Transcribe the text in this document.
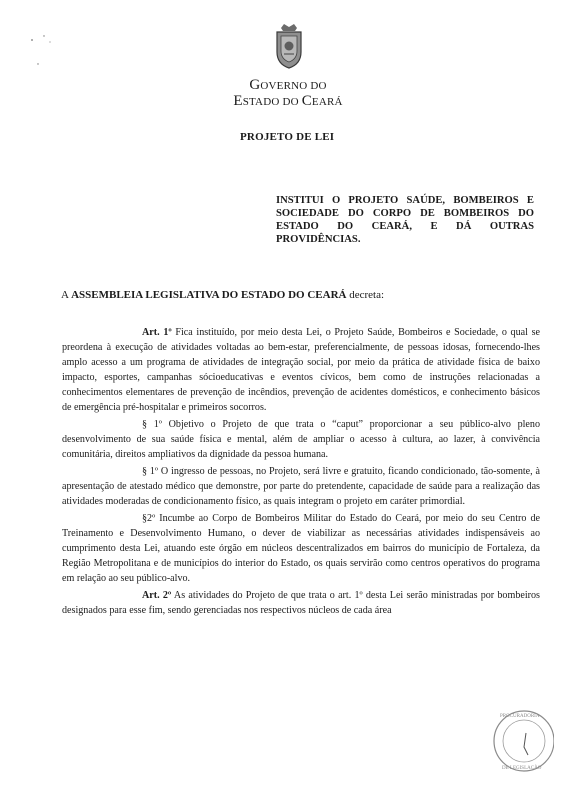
GOVERNO DO
ESTADO DO CEARÁ
PROJETO DE LEI
INSTITUI O PROJETO SAÚDE, BOMBEIROS E SOCIEDADE DO CORPO DE BOMBEIROS DO ESTADO DO CEARÁ, E DÁ OUTRAS PROVIDÊNCIAS.
A ASSEMBLEIA LEGISLATIVA DO ESTADO DO CEARÁ decreta:

Art. 1º Fica instituído, por meio desta Lei, o Projeto Saúde, Bombeiros e Sociedade, o qual se preordena à execução de atividades voltadas ao bem-estar, preferencialmente, de pessoas idosas, fornecendo-lhes amplo acesso a um programa de atividades de integração social, por meio da prática de atividade física de baixo impacto, esportes, campanhas sócioeducativas e eventos cívicos, bem como de instruções relacionadas a conhecimentos elementares de prevenção de incêndios, prevenção de acidentes domésticos, e conhecimento básicos de emergência pré-hospitalar e primeiros socorros.

§ 1º Objetivo o Projeto de que trata o “caput” proporcionar a seu público-alvo pleno desenvolvimento de sua saúde física e mental, além de ampliar o acesso à cultura, ao lazer, à convivência comunitária, direitos ampliativos da dignidade da pessoa humana.

§ 1º O ingresso de pessoas, no Projeto, será livre e gratuito, ficando condicionado, tão-somente, à apresentação de atestado médico que demonstre, por parte do pretendente, capacidade de saúde para a realização das atividades moderadas de condicionamento físico, as quais integram o projeto em caráter primordial.

§2º Incumbe ao Corpo de Bombeiros Militar do Estado do Ceará, por meio do seu Centro de Treinamento e Desenvolvimento Humano, o dever de viabilizar as necessárias atividades indispensáveis ao cumprimento desta Lei, atuando este órgão em núcleos descentralizados em bairros do município de Fortaleza, da Região Metropolitana e de municípios do interior do Estado, os quais servirão como centros operativos do programa em relação ao seu público-alvo.

Art. 2º As atividades do Projeto de que trata o art. 1º desta Lei serão ministradas por bombeiros designados para esse fim, sendo gerenciadas nos respectivos núcleos de cada área

PROCURADORIA
DE LEGISLAÇÃO
